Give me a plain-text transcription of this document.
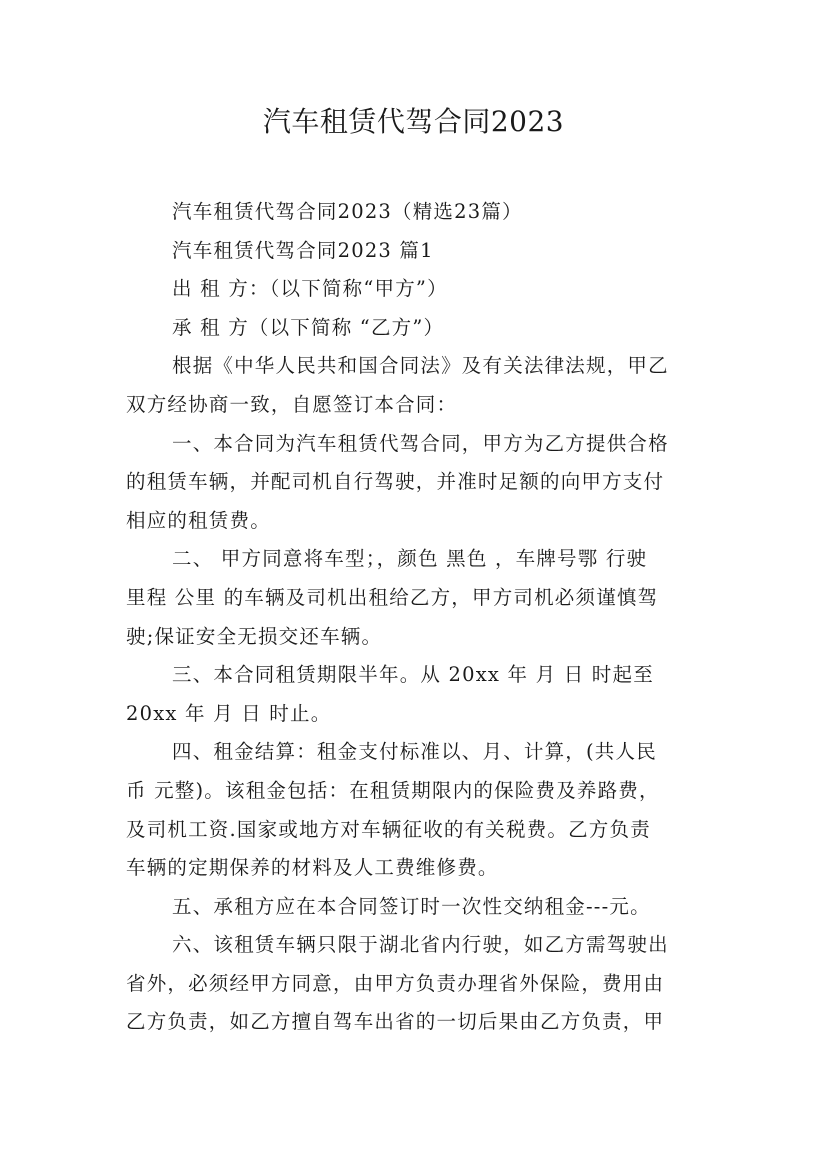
汽车租赁代驾合同2023

汽车租赁代驾合同2023（精选23篇）

汽车租赁代驾合同2023 篇1

出 租 方：（以下简称“甲方”）

承 租 方（以下简称 “乙方”）

根据《中华人民共和国合同法》及有关法律法规，甲乙
双方经协商一致，自愿签订本合同：

一、本合同为汽车租赁代驾合同，甲方为乙方提供合格
的租赁车辆，并配司机自行驾驶，并准时足额的向甲方支付
相应的租赁费。

二、 甲方同意将车型；，颜色 黑色 ，车牌号鄂 行驶
里程 公里 的车辆及司机出租给乙方，甲方司机必须谨慎驾
驶;保证安全无损交还车辆。

三、本合同租赁期限半年。从 20xx 年 月 日 时起至
20xx 年 月 日 时止。

四、租金结算：租金支付标准以、月、计算，(共人民
币 元整)。该租金包括：在租赁期限内的保险费及养路费，
及司机工资.国家或地方对车辆征收的有关税费。乙方负责
车辆的定期保养的材料及人工费维修费。

五、承租方应在本合同签订时一次性交纳租金---元。

六、该租赁车辆只限于湖北省内行驶，如乙方需驾驶出
省外，必须经甲方同意，由甲方负责办理省外保险，费用由
乙方负责，如乙方擅自驾车出省的一切后果由乙方负责，甲
